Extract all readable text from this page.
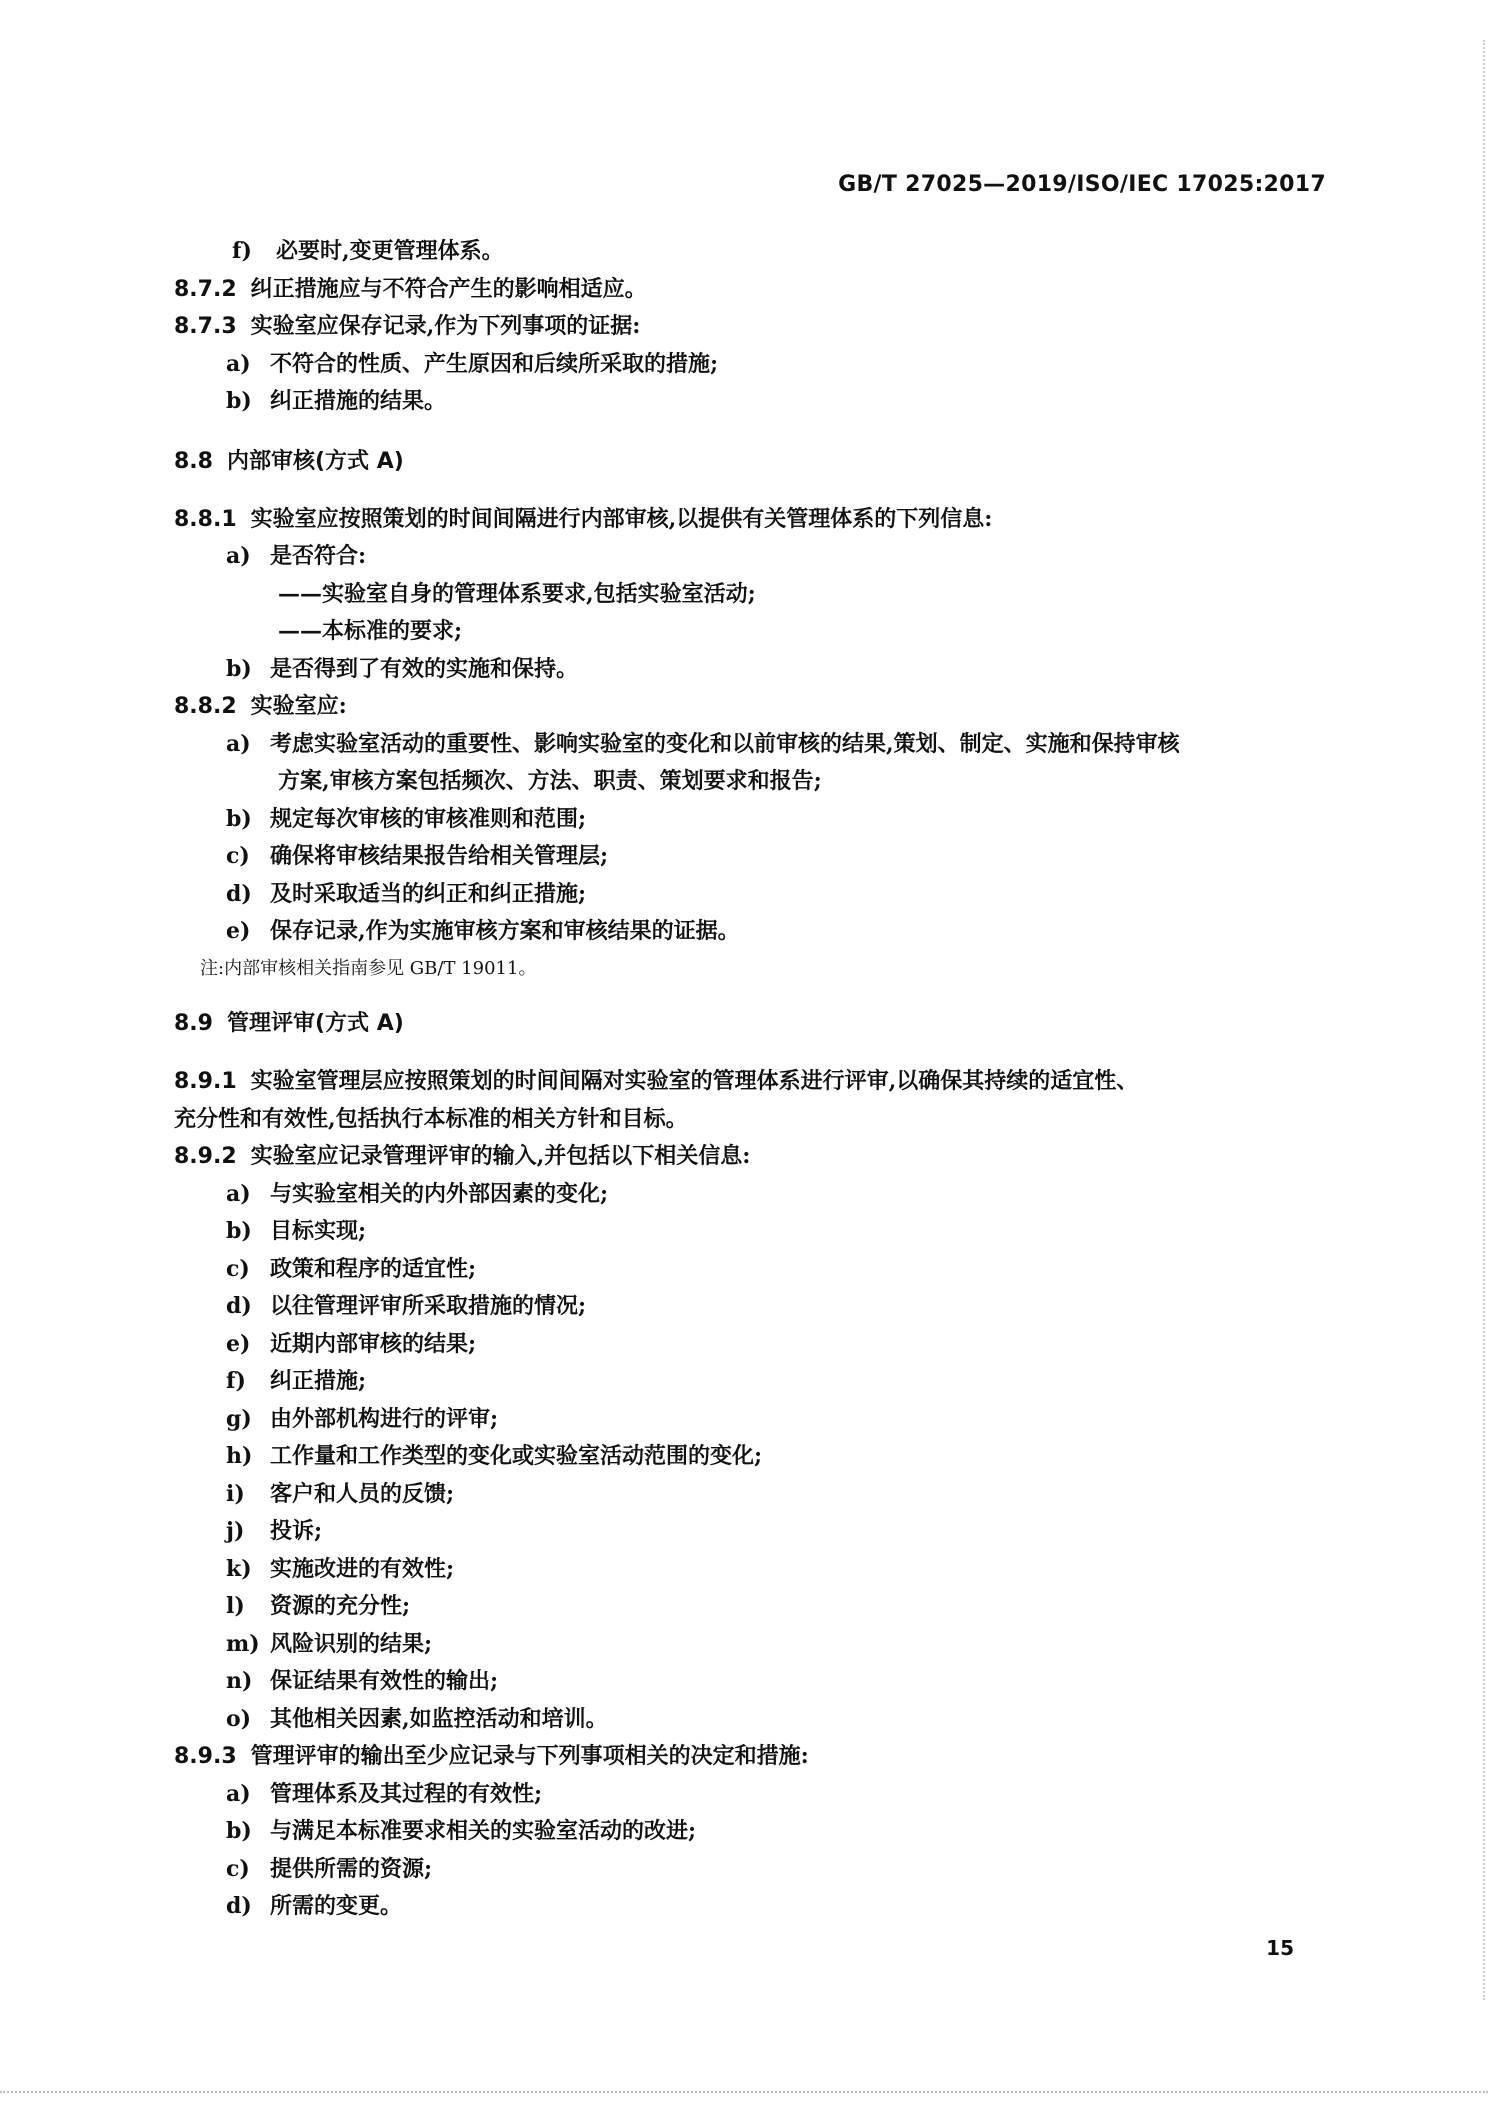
GB/T 27025—2019/ISO/IEC 17025:2017
f) 必要时,变更管理体系。
8.7.2 纠正措施应与不符合产生的影响相适应。
8.7.3 实验室应保存记录,作为下列事项的证据:
a) 不符合的性质、产生原因和后续所采取的措施;
b) 纠正措施的结果。
8.8 内部审核(方式 A)
8.8.1 实验室应按照策划的时间间隔进行内部审核,以提供有关管理体系的下列信息:
a) 是否符合:
——实验室自身的管理体系要求,包括实验室活动;
——本标准的要求;
b) 是否得到了有效的实施和保持。
8.8.2 实验室应:
a) 考虑实验室活动的重要性、影响实验室的变化和以前审核的结果,策划、制定、实施和保持审核
方案,审核方案包括频次、方法、职责、策划要求和报告;
b) 规定每次审核的审核准则和范围;
c) 确保将审核结果报告给相关管理层;
d) 及时采取适当的纠正和纠正措施;
e) 保存记录,作为实施审核方案和审核结果的证据。
注:内部审核相关指南参见 GB/T 19011。
8.9 管理评审(方式 A)
8.9.1 实验室管理层应按照策划的时间间隔对实验室的管理体系进行评审,以确保其持续的适宜性、
充分性和有效性,包括执行本标准的相关方针和目标。
8.9.2 实验室应记录管理评审的输入,并包括以下相关信息:
a) 与实验室相关的内外部因素的变化;
b) 目标实现;
c) 政策和程序的适宜性;
d) 以往管理评审所采取措施的情况;
e) 近期内部审核的结果;
f) 纠正措施;
g) 由外部机构进行的评审;
h) 工作量和工作类型的变化或实验室活动范围的变化;
i) 客户和人员的反馈;
j) 投诉;
k) 实施改进的有效性;
l) 资源的充分性;
m) 风险识别的结果;
n) 保证结果有效性的输出;
o) 其他相关因素,如监控活动和培训。
8.9.3 管理评审的输出至少应记录与下列事项相关的决定和措施:
a) 管理体系及其过程的有效性;
b) 与满足本标准要求相关的实验室活动的改进;
c) 提供所需的资源;
d) 所需的变更。
15
